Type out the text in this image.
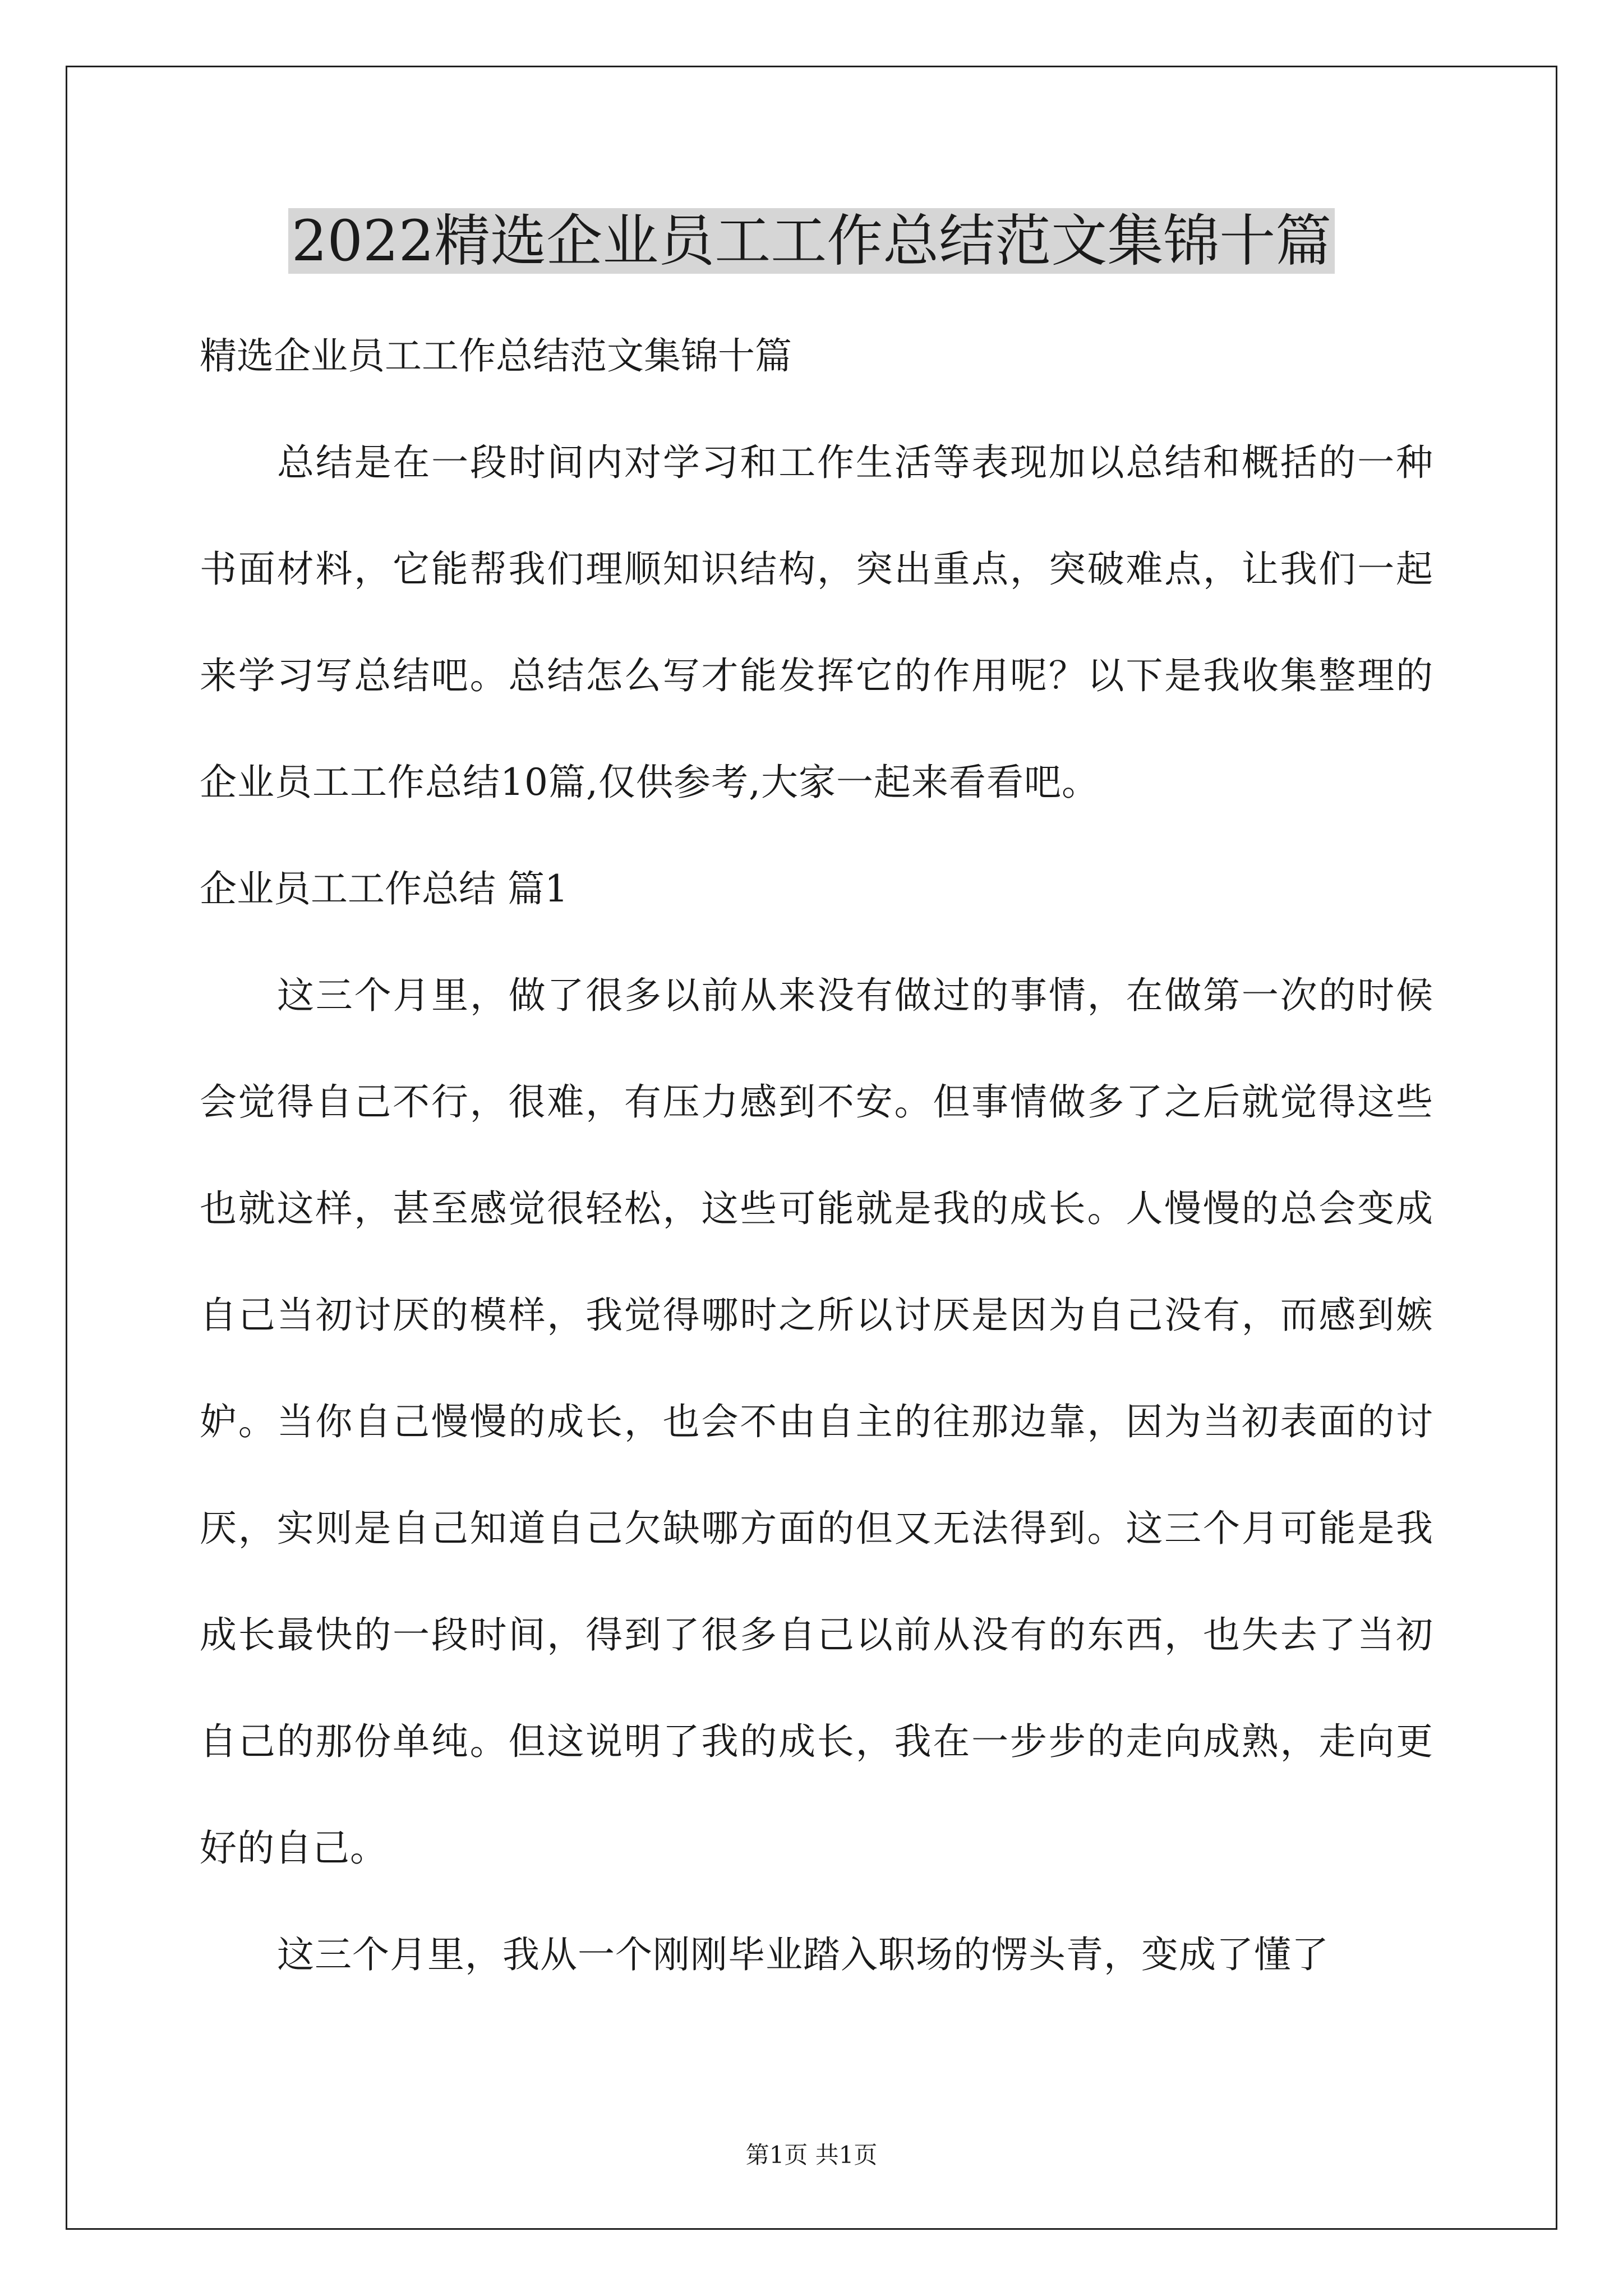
2022精选企业员工工作总结范文集锦十篇

精选企业员工工作总结范文集锦十篇

总结是在一段时间内对学习和工作生活等表现加以总结和概括的一种书面材料，它能帮我们理顺知识结构，突出重点，突破难点，让我们一起来学习写总结吧。总结怎么写才能发挥它的作用呢？以下是我收集整理的企业员工工作总结10篇,仅供参考,大家一起来看看吧。

企业员工工作总结 篇1

这三个月里，做了很多以前从来没有做过的事情，在做第一次的时候会觉得自己不行，很难，有压力感到不安。但事情做多了之后就觉得这些也就这样，甚至感觉很轻松，这些可能就是我的成长。人慢慢的总会变成自己当初讨厌的模样，我觉得哪时之所以讨厌是因为自己没有，而感到嫉妒。当你自己慢慢的成长，也会不由自主的往那边靠，因为当初表面的讨厌，实则是自己知道自己欠缺哪方面的但又无法得到。这三个月可能是我成长最快的一段时间，得到了很多自己以前从没有的东西，也失去了当初自己的那份单纯。但这说明了我的成长，我在一步步的走向成熟，走向更好的自己。

这三个月里，我从一个刚刚毕业踏入职场的愣头青，变成了懂了

第1页 共1页
